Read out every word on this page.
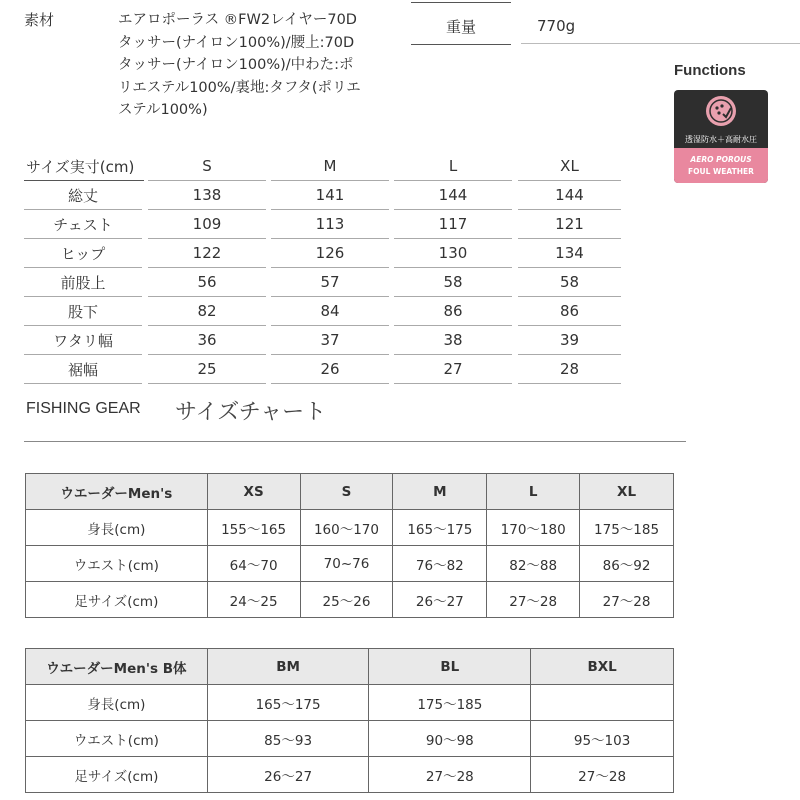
素材	エアロポーラス ®FW2レイヤー70D
タッサー(ナイロン100%)/腰上:70D
タッサー(ナイロン100%)/中わた:ポ
リエステル100%/裏地:タフタ(ポリエ
ステル100%)
重量	770g
Functions
透湿防水＋高耐水圧
AERO POROUS
FOUL WEATHER
サイズ実寸(cm)	S	M	L	XL
総丈	138	141	144	144
チェスト	109	113	117	121
ヒップ	122	126	130	134
前股上	56	57	58	58
股下	82	84	86	86
ワタリ幅	36	37	38	39
裾幅	25	26	27	28
FISHING GEAR サイズチャート
ウエーダーMen's	XS	S	M	L	XL
身長(cm)	155～165	160～170	165～175	170～180	175～185
ウエスト(cm)	64～70	70~76	76～82	82～88	86～92
足サイズ(cm)	24～25	25～26	26～27	27～28	27～28
ウエーダーMen's B体	BM	BL	BXL
身長(cm)	165～175	175～185	
ウエスト(cm)	85～93	90～98	95～103
足サイズ(cm)	26～27	27～28	27～28
